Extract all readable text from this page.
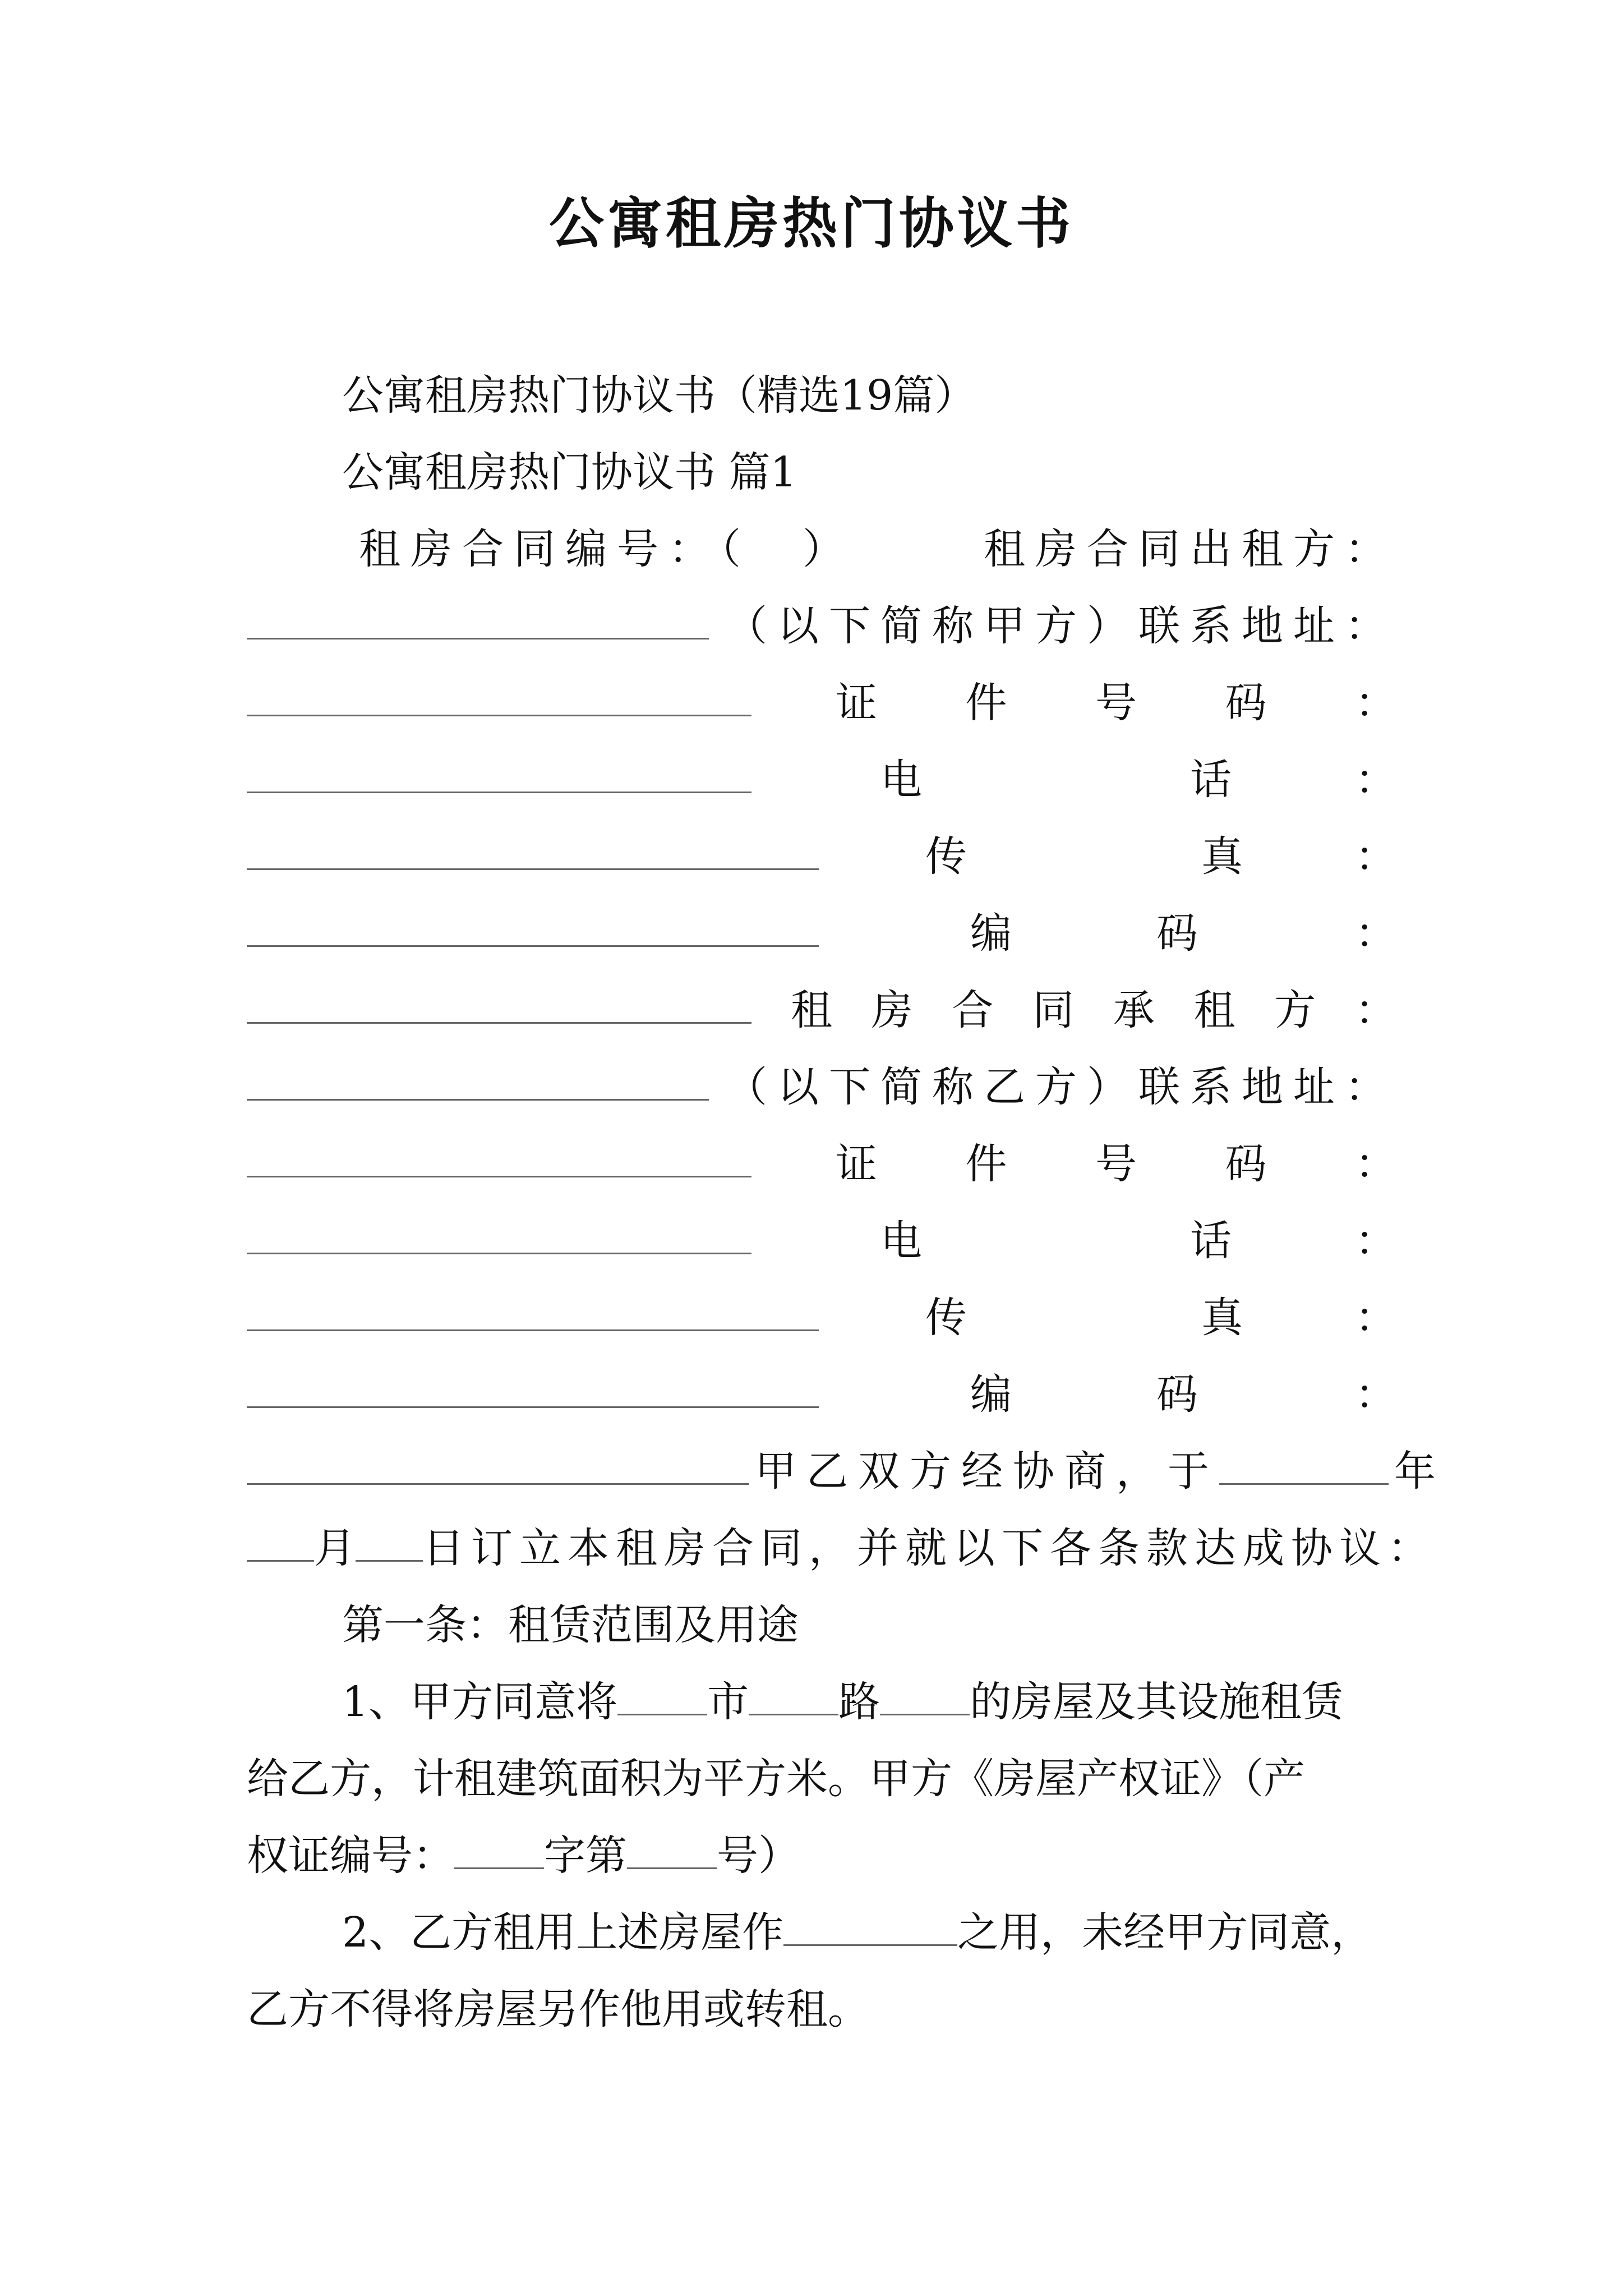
公寓租房热门协议书
公寓租房热门协议书（精选19篇）
公寓租房热门协议书 篇1
租房合同编号：（　）	租房合同出租方：
（以下简称甲方） 联系地址：
证 件 号 码 ：
电	话	：
传	真	：
编	码	：
租 房 合 同 承 租 方 ：
（以下简称乙方） 联系地址：
证 件 号 码 ：
电	话	：
传	真	：
编	码	：
甲乙双方经协商，于	年
月 日订立本租房合同，并就以下各条款达成协议：
第一条：租赁范围及用途
1、甲方同意将 市 路 的房屋及其设施租赁
给乙方，计租建筑面积为平方米。甲方《房屋产权证》（产
权证编号： 字第 号）
2、乙方租用上述房屋作	之用，未经甲方同意，
乙方不得将房屋另作他用或转租。
